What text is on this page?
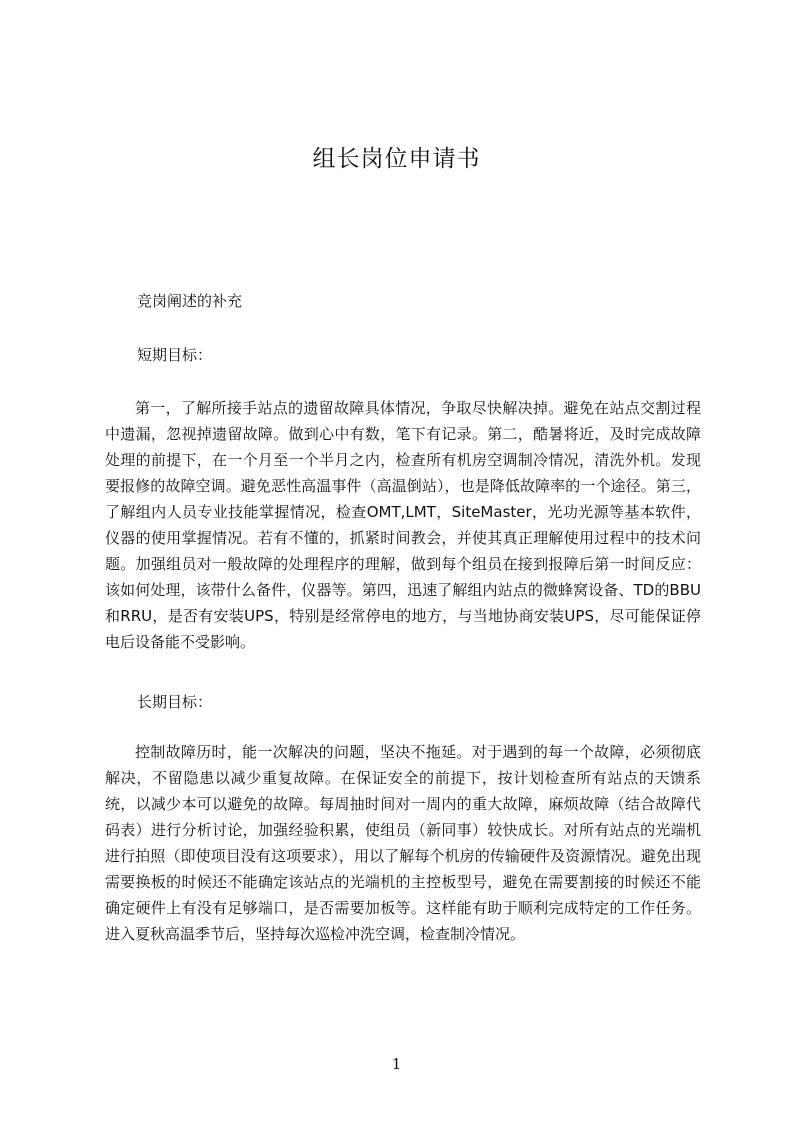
组长岗位申请书

竞岗阐述的补充

短期目标：

第一，了解所接手站点的遗留故障具体情况，争取尽快解决掉。避免在站点交割过程中遗漏，忽视掉遗留故障。做到心中有数，笔下有记录。第二，酷暑将近，及时完成故障处理的前提下，在一个月至一个半月之内，检查所有机房空调制冷情况，清洗外机。发现要报修的故障空调。避免恶性高温事件（高温倒站），也是降低故障率的一个途径。第三，了解组内人员专业技能掌握情况，检查OMT,LMT，SiteMaster，光功光源等基本软件，仪器的使用掌握情况。若有不懂的，抓紧时间教会，并使其真正理解使用过程中的技术问题。加强组员对一般故障的处理程序的理解，做到每个组员在接到报障后第一时间反应：该如何处理，该带什么备件，仪器等。第四，迅速了解组内站点的微蜂窝设备、TD的BBU和RRU，是否有安装UPS，特别是经常停电的地方，与当地协商安装UPS，尽可能保证停电后设备能不受影响。

长期目标：

控制故障历时，能一次解决的问题，坚决不拖延。对于遇到的每一个故障，必须彻底解决，不留隐患以减少重复故障。在保证安全的前提下，按计划检查所有站点的天馈系统，以减少本可以避免的故障。每周抽时间对一周内的重大故障，麻烦故障（结合故障代码表）进行分析讨论，加强经验积累，使组员（新同事）较快成长。对所有站点的光端机进行拍照（即使项目没有这项要求），用以了解每个机房的传输硬件及资源情况。避免出现需要换板的时候还不能确定该站点的光端机的主控板型号，避免在需要割接的时候还不能确定硬件上有没有足够端口，是否需要加板等。这样能有助于顺利完成特定的工作任务。进入夏秋高温季节后，坚持每次巡检冲洗空调，检查制冷情况。

1
